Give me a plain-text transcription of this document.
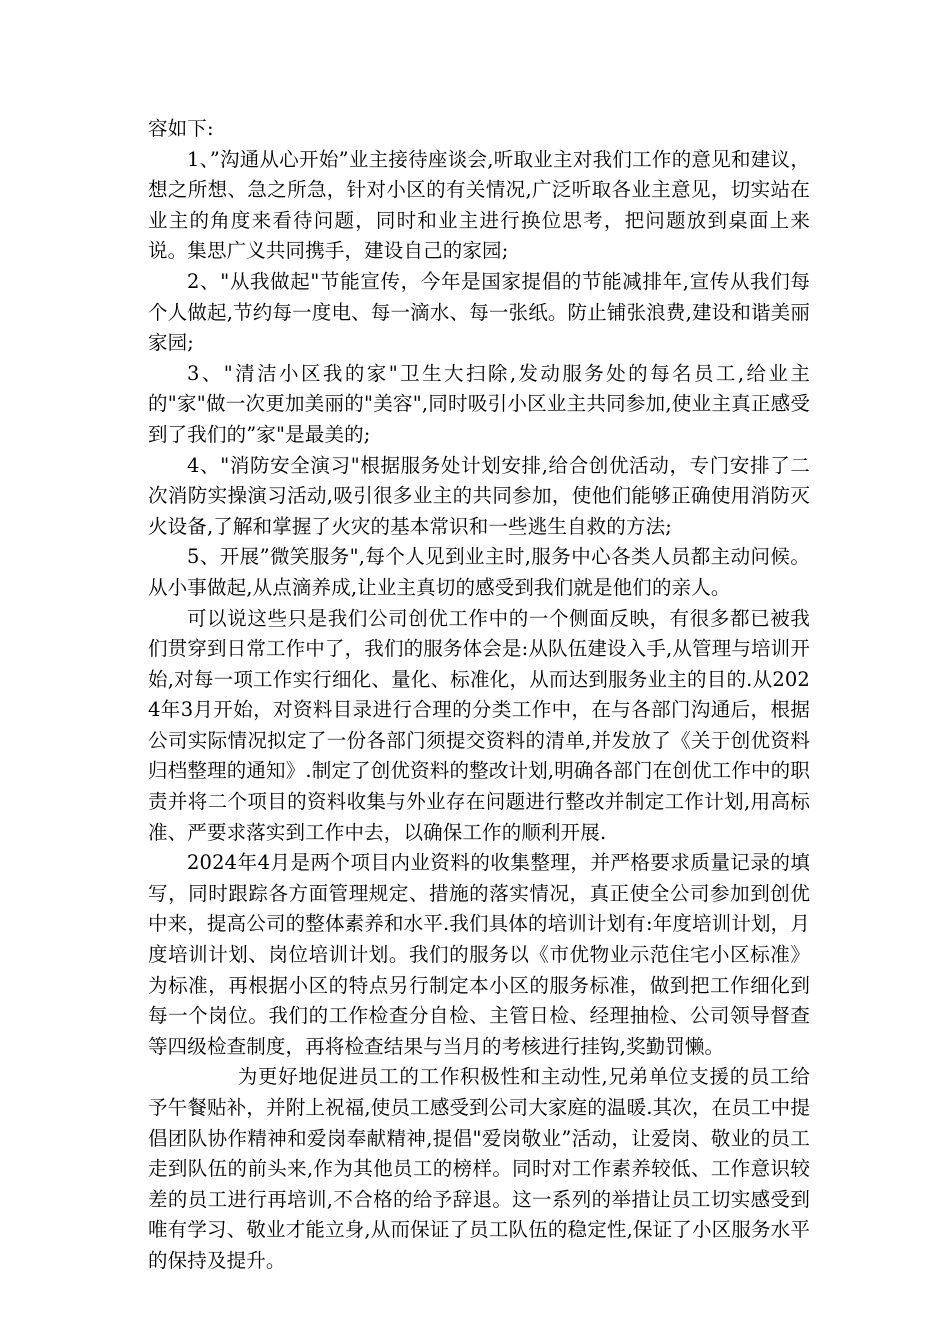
容如下:

1、”沟通从心开始”业主接待座谈会,听取业主对我们工作的意见和建议，想之所想、急之所急，针对小区的有关情况,广泛听取各业主意见，切实站在业主的角度来看待问题，同时和业主进行换位思考，把问题放到桌面上来说。集思广义共同携手，建设自己的家园;

2、"从我做起"节能宣传，今年是国家提倡的节能减排年,宣传从我们每个人做起,节约每一度电、每一滴水、每一张纸。防止铺张浪费,建设和谐美丽家园;

3、"清洁小区我的家"卫生大扫除,发动服务处的每名员工,给业主的"家"做一次更加美丽的"美容",同时吸引小区业主共同参加,使业主真正感受到了我们的”家"是最美的;

4、"消防安全演习"根据服务处计划安排,给合创优活动，专门安排了二次消防实操演习活动,吸引很多业主的共同参加，使他们能够正确使用消防灭火设备,了解和掌握了火灾的基本常识和一些逃生自救的方法;

5、开展”微笑服务",每个人见到业主时,服务中心各类人员都主动问候。从小事做起,从点滴养成,让业主真切的感受到我们就是他们的亲人。

可以说这些只是我们公司创优工作中的一个侧面反映，有很多都已被我们贯穿到日常工作中了，我们的服务体会是:从队伍建设入手,从管理与培训开始,对每一项工作实行细化、量化、标准化，从而达到服务业主的目的.从2024年3月开始，对资料目录进行合理的分类工作中，在与各部门沟通后，根据公司实际情况拟定了一份各部门须提交资料的清单,并发放了《关于创优资料归档整理的通知》.制定了创优资料的整改计划,明确各部门在创优工作中的职责并将二个项目的资料收集与外业存在问题进行整改并制定工作计划,用高标准、严要求落实到工作中去，以确保工作的顺利开展.

2024年4月是两个项目内业资料的收集整理，并严格要求质量记录的填写，同时跟踪各方面管理规定、措施的落实情况，真正使全公司参加到创优中来，提高公司的整体素养和水平.我们具体的培训计划有:年度培训计划，月度培训计划、岗位培训计划。我们的服务以《市优物业示范住宅小区标准》为标准，再根据小区的特点另行制定本小区的服务标准，做到把工作细化到每一个岗位。我们的工作检查分自检、主管日检、经理抽检、公司领导督查等四级检查制度，再将检查结果与当月的考核进行挂钩,奖勤罚懒。

为更好地促进员工的工作积极性和主动性,兄弟单位支援的员工给予午餐贴补，并附上祝福,使员工感受到公司大家庭的温暖.其次，在员工中提倡团队协作精神和爱岗奉献精神,提倡"爱岗敬业”活动，让爱岗、敬业的员工走到队伍的前头来,作为其他员工的榜样。同时对工作素养较低、工作意识较差的员工进行再培训,不合格的给予辞退。这一系列的举措让员工切实感受到唯有学习、敬业才能立身,从而保证了员工队伍的稳定性,保证了小区服务水平的保持及提升。
